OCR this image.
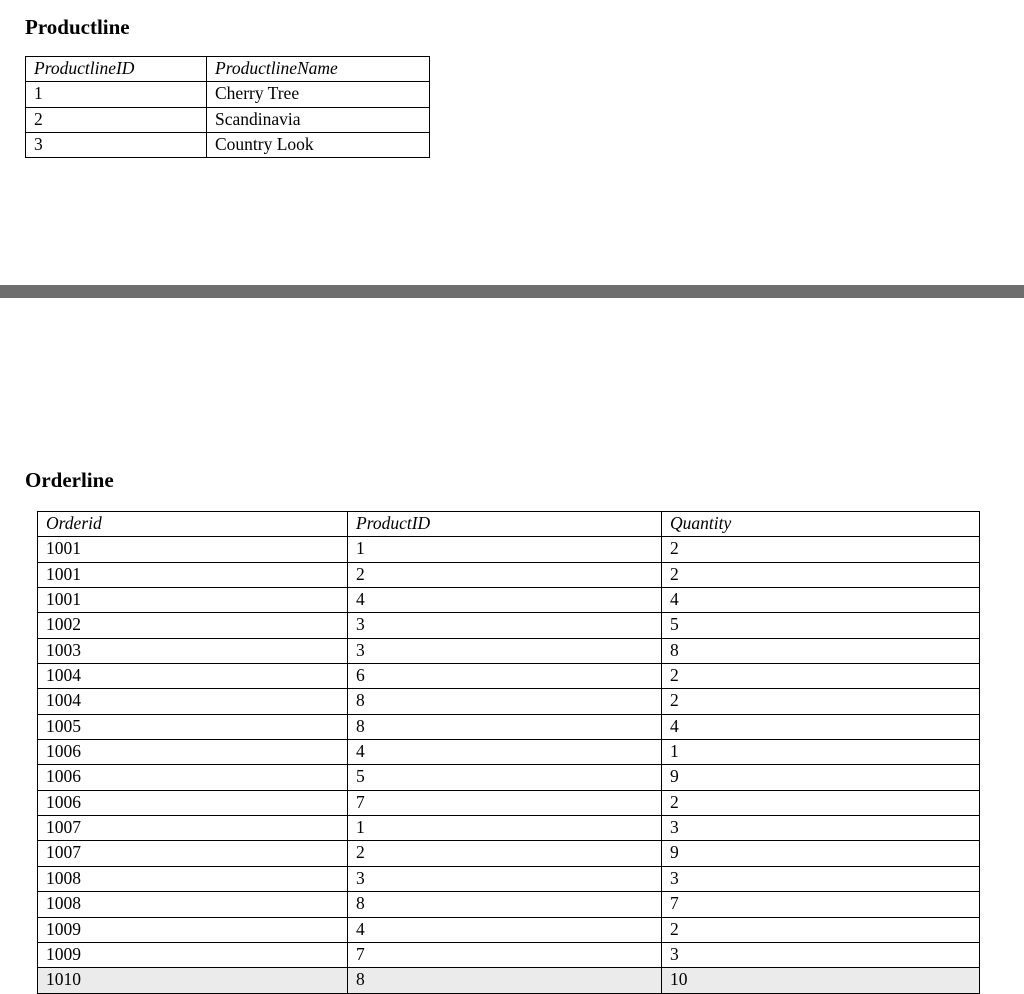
Productline
ProductlineID	ProductlineName
1	Cherry Tree
2	Scandinavia
3	Country Look
Orderline
Orderid	ProductID	Quantity
1001	1	2
1001	2	2
1001	4	4
1002	3	5
1003	3	8
1004	6	2
1004	8	2
1005	8	4
1006	4	1
1006	5	9
1006	7	2
1007	1	3
1007	2	9
1008	3	3
1008	8	7
1009	4	2
1009	7	3
1010	8	10
